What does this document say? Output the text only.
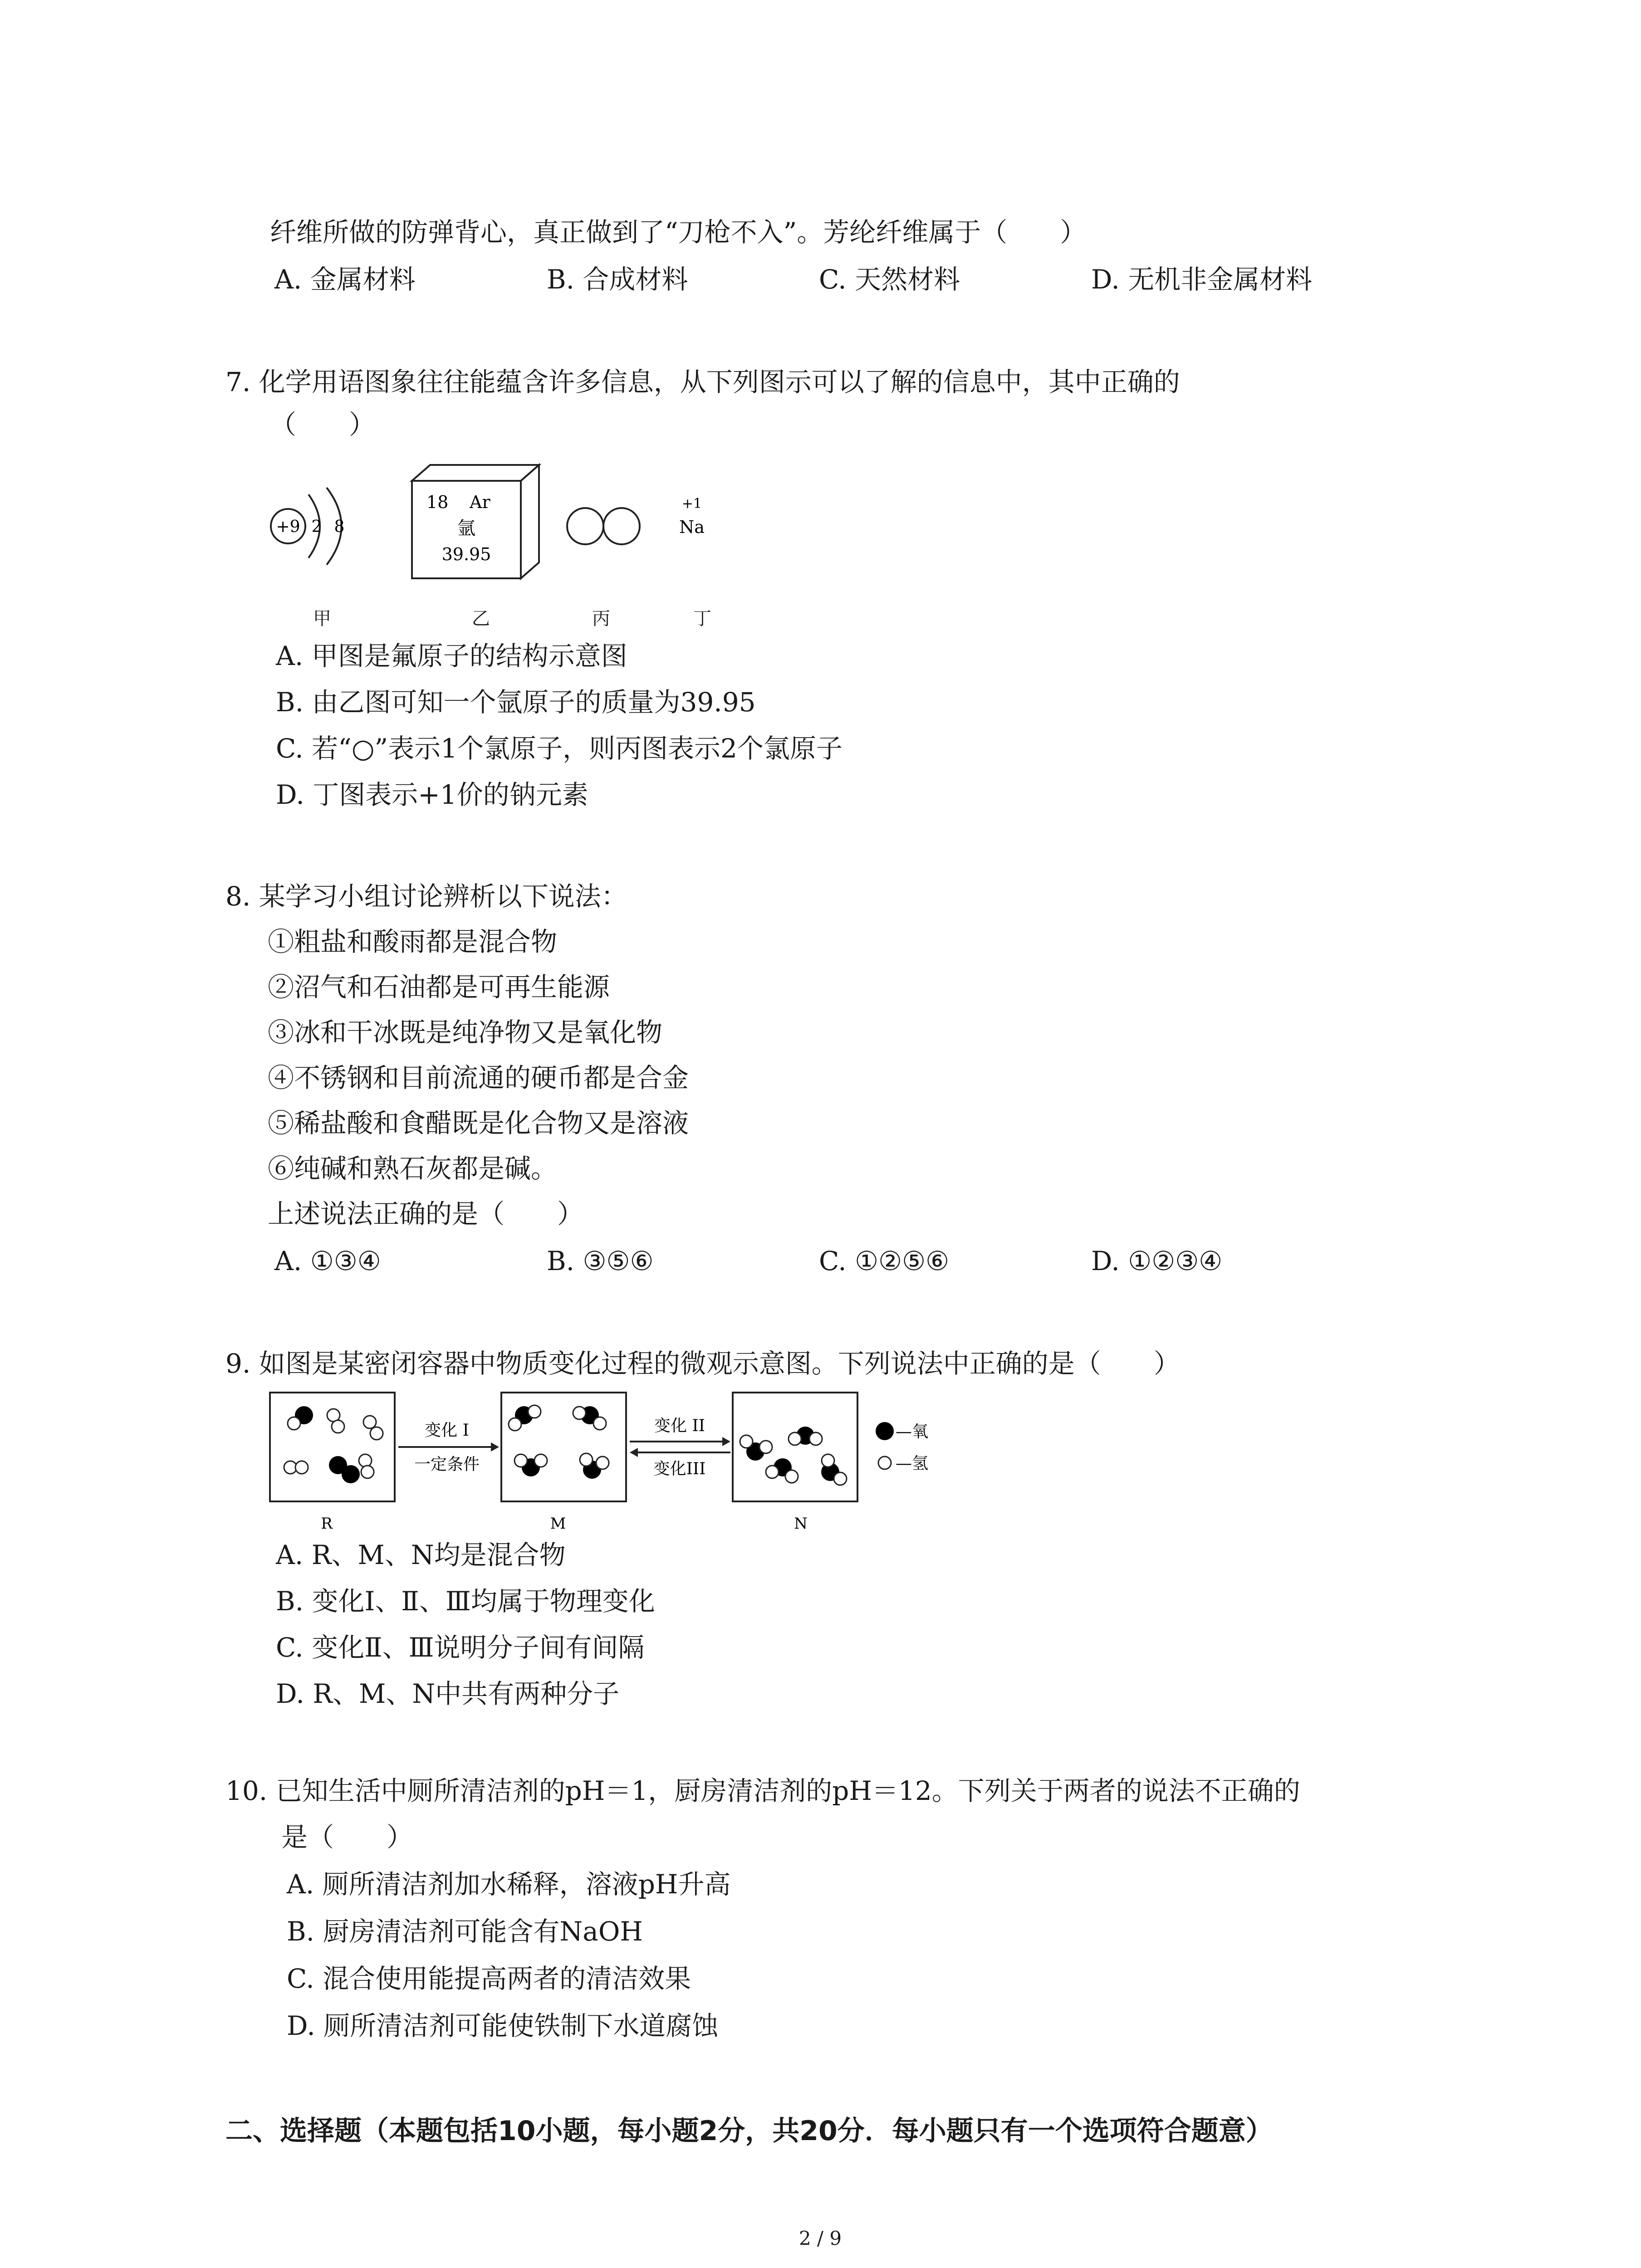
纤维所做的防弹背心，真正做到了“刀枪不入”。芳纶纤维属于（　　）
A. 金属材料	B. 合成材料	C. 天然材料	D. 无机非金属材料
7. 化学用语图象往往能蕴含许多信息，从下列图示可以了解的信息中，其中正确的
（　　）
+9 2 8
18 Ar
氩
39.95
+1
Na
甲	乙	丙	丁
A. 甲图是氟原子的结构示意图
B. 由乙图可知一个氩原子的质量为39.95
C. 若“○”表示1个氯原子，则丙图表示2个氯原子
D. 丁图表示+1价的钠元素
8. 某学习小组讨论辨析以下说法：
①粗盐和酸雨都是混合物
②沼气和石油都是可再生能源
③冰和干冰既是纯净物又是氧化物
④不锈钢和目前流通的硬币都是合金
⑤稀盐酸和食醋既是化合物又是溶液
⑥纯碱和熟石灰都是碱。
上述说法正确的是（　　）
A. ①③④	B. ③⑤⑥	C. ①②⑤⑥	D. ①②③④
9. 如图是某密闭容器中物质变化过程的微观示意图。下列说法中正确的是（　　）
变化 I
一定条件
变化 II
变化III
—氧
—氢
R	M	N
A. R、M、N均是混合物
B. 变化Ⅰ、Ⅱ、Ⅲ均属于物理变化
C. 变化Ⅱ、Ⅲ说明分子间有间隔
D. R、M、N中共有两种分子
10. 已知生活中厕所清洁剂的pH＝1，厨房清洁剂的pH＝12。下列关于两者的说法不正确的
是（　　）
A. 厕所清洁剂加水稀释，溶液pH升高
B. 厨房清洁剂可能含有NaOH
C. 混合使用能提高两者的清洁效果
D. 厕所清洁剂可能使铁制下水道腐蚀
二、选择题（本题包括10小题，每小题2分，共20分．每小题只有一个选项符合题意）
2 / 9
